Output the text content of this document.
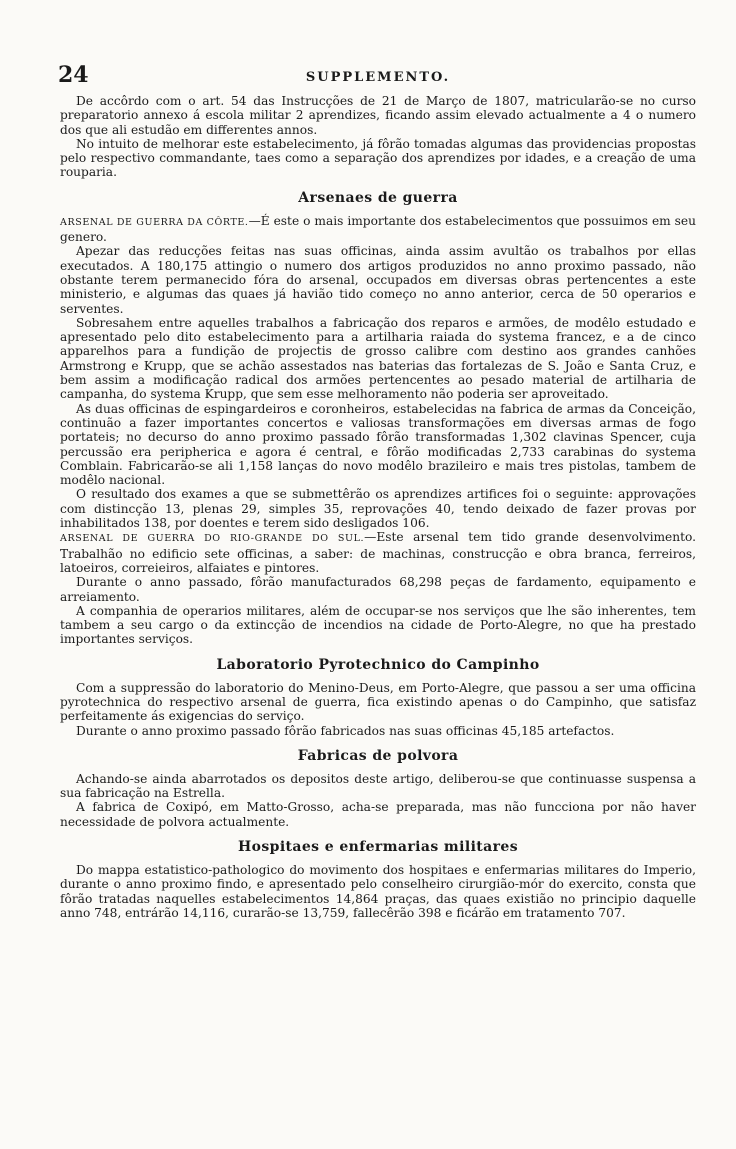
24	SUPPLEMENTO.

De accôrdo com o art. 54 das Instrucções de 21 de Março de 1807, matricularão-se no curso preparatorio annexo á escola militar 2 aprendizes, ficando assim elevado actualmente a 4 o numero dos que ali estudão em differentes annos.

No intuito de melhorar este estabelecimento, já fôrão tomadas algumas das providencias propostas pelo respectivo commandante, taes como a separação dos aprendizes por idades, e a creação de uma roupariа.

Arsenaes de guerra

ARSENAL DE GUERRA DA CÔRTE.—É este o mais importante dos estabelecimentos que possuimos em seu genero.

Apezar das reducções feitas nas suas officinas, ainda assim avultão os trabalhos por ellas executados. A 180,175 attingio o numero dos artigos produzidos no anno proximo passado, não obstante terem permanecido fóra do arsenal, occupados em diversas obras pertencentes a este ministerio, e algumas das quaes já havião tido começo no anno anterior, cerca de 50 operarios e serventes.

Sobresahem entre aquelles trabalhos a fabricação dos reparos e armões, de modêlo estudado e apresentado pelo dito estabelecimento para a artilharia raiada do systema francez, e a de cinco apparelhos para a fundição de projectis de grosso calibre com destino aos grandes canhões Armstrong e Krupp, que se achão assestados nas baterias das fortalezas de S. João e Santa Cruz, e bem assim a modificação radical dos armões pertencentes ao pesado material de artilharia de campanha, do systema Krupp, que sem esse melhoramento não poderia ser aproveitado.

As duas officinas de espingardeiros e coronheiros, estabelecidas na fabrica de armas da Conceição, continuão a fazer importantes concertos e valiosas transformações em diversas armas de fogo portateis; no decurso do anno proximo passado fôrão transformadas 1,302 clavinas Spencer, cuja percussão era peripherica e agora é central, e fôrão modificadas 2,733 carabinas do systema Comblain. Fabricarão-se ali 1,158 lanças do novo modêlo brazileiro e mais tres pistolas, tambem de modêlo nacional.

O resultado dos exames a que se submettêrão os aprendizes artifices foi o seguinte: approvações com distincção 13, plenas 29, simples 35, reprovações 40, tendo deixado de fazer provas por inhabilitados 138, por doentes e terem sido desligados 106.

ARSENAL DE GUERRA DO RIO-GRANDE DO SUL.—Este arsenal tem tido grande desenvolvimento. Trabalhão no edificio sete officinas, a saber: de machinas, construcção e obra branca, ferreiros, latoeiros, correieiros, alfaiates e pintores.

Durante o anno passado, fôrão manufacturados 68,298 peças de fardamento, equipamento e arreiamento.

A companhia de operarios militares, além de occupar-se nos serviços que lhe são inherentes, tem tambem a seu cargo o da extincção de incendios na cidade de Porto-Alegre, no que ha prestado importantes serviços.

Laboratorio Pyrotechnico do Campinho

Com a suppressão do laboratorio do Menino-Deus, em Porto-Alegre, que passou a ser uma officina pyrotechnica do respectivo arsenal de guerra, fica existindo apenas o do Campinho, que satisfaz perfeitamente ás exigencias do serviço.

Durante o anno proximo passado fôrão fabricados nas suas officinas 45,185 artefactos.

Fabricas de polvora

Achando-se ainda abarrotados os depositos deste artigo, deliberou-se que continuasse suspensa a sua fabricação na Estrella.

A fabrica de Coxipó, em Matto-Grosso, acha-se preparada, mas não funcciona por não haver necessidade de polvora actualmente.

Hospitaes e enfermarias militares

Do mappa estatistico-pathologico do movimento dos hospitaes e enfermarias militares do Imperio, durante o anno proximo findo, e apresentado pelo conselheiro cirurgião-mór do exercito, consta que fôrão tratadas naquelles estabelecimentos 14,864 praças, das quaes existião no principio daquelle anno 748, entrárão 14,116, curarão-se 13,759, fallecêrão 398 e ficárão em tratamento 707.
